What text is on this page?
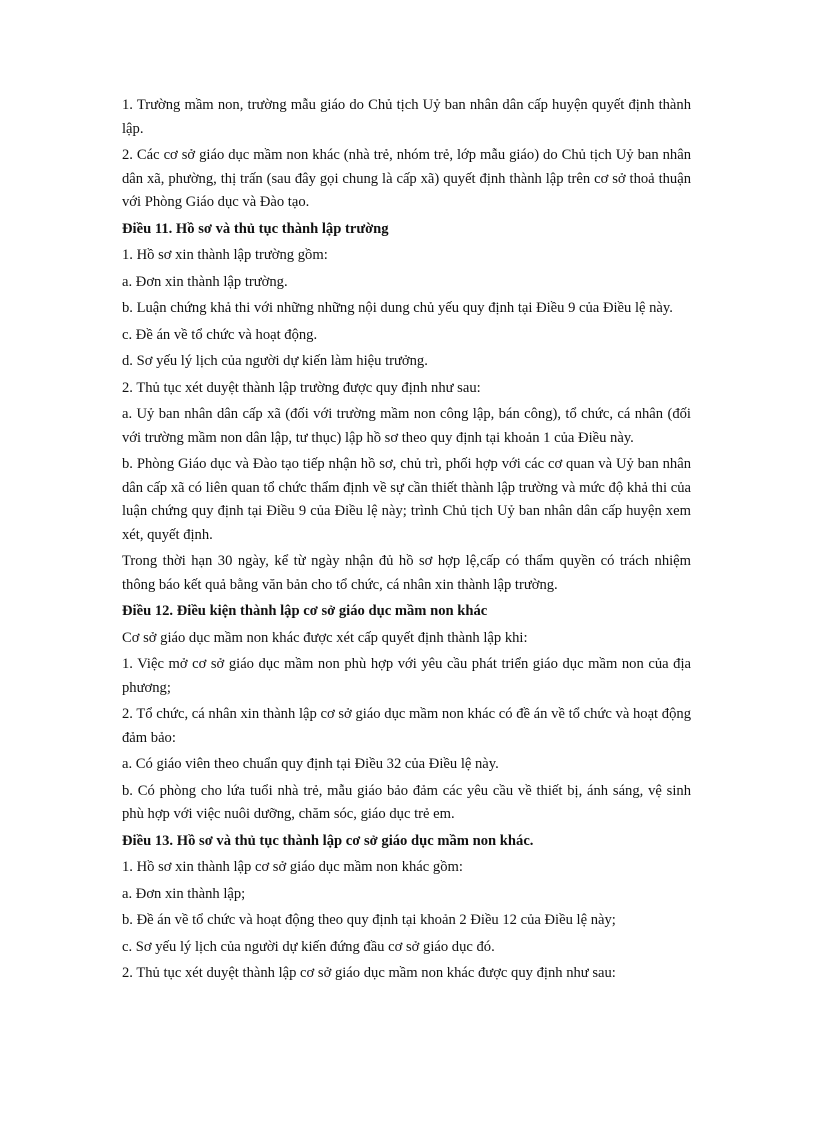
1. Trường mầm non, trường mẫu giáo do Chủ tịch Uỷ ban nhân dân cấp huyện quyết định thành lập.

2. Các cơ sở giáo dục mầm non khác (nhà trẻ, nhóm trẻ, lớp mẫu giáo) do Chủ tịch Uỷ ban nhân dân xã, phường, thị trấn (sau đây gọi chung là cấp xã) quyết định thành lập trên cơ sở thoả thuận với Phòng Giáo dục và Đào tạo.

Điều 11. Hồ sơ và thủ tục thành lập trường

1. Hồ sơ xin thành lập trường gồm:

a. Đơn xin thành lập trường.

b. Luận chứng khả thi với những những nội dung chủ yếu quy định tại Điều 9 của Điều lệ này.

c. Đề án về tổ chức và hoạt động.

d. Sơ yếu lý lịch của người dự kiến làm hiệu trưởng.

2. Thủ tục xét duyệt thành lập trường được quy định như sau:

a. Uỷ ban nhân dân cấp xã (đối với trường mầm non công lập, bán công), tổ chức, cá nhân (đối với trường mầm non dân lập, tư thục) lập hồ sơ theo quy định tại khoản 1 của Điều này.

b. Phòng Giáo dục và Đào tạo tiếp nhận hồ sơ, chủ trì, phối hợp với các cơ quan và Uỷ ban nhân dân cấp xã có liên quan tổ chức thẩm định về sự cần thiết thành lập trường và mức độ khả thi của luận chứng quy định tại Điều 9 của Điều lệ này; trình Chủ tịch Uỷ ban nhân dân cấp huyện xem xét, quyết định.

Trong thời hạn 30 ngày, kể từ ngày nhận đủ hồ sơ hợp lệ,cấp có thẩm quyền có trách nhiệm thông báo kết quả bằng văn bản cho tổ chức, cá nhân xin thành lập trường.

Điều 12. Điều kiện thành lập cơ sở giáo dục mầm non khác

Cơ sở giáo dục mầm non khác được xét cấp quyết định thành lập khi:

1. Việc mở cơ sở giáo dục mầm non phù hợp với yêu cầu phát triển giáo dục mầm non của địa phương;

2. Tổ chức, cá nhân xin thành lập cơ sở giáo dục mầm non khác có đề án về tổ chức và hoạt động đảm bảo:

a. Có giáo viên theo chuẩn quy định tại Điều 32 của Điều lệ này.

b. Có phòng cho lứa tuổi nhà trẻ, mẫu giáo bảo đảm các yêu cầu về thiết bị, ánh sáng, vệ sinh phù hợp với việc nuôi dưỡng, chăm sóc, giáo dục trẻ em.

Điều 13. Hồ sơ và thủ tục thành lập cơ sở giáo dục mầm non khác.

1. Hồ sơ xin thành lập cơ sở giáo dục mầm non khác gồm:

a. Đơn xin thành lập;

b. Đề án về tổ chức và hoạt động theo quy định tại khoản 2 Điều 12 của Điều lệ này;

c. Sơ yếu lý lịch của người dự kiến đứng đầu cơ sở giáo dục đó.

2. Thủ tục xét duyệt thành lập cơ sở giáo dục mầm non khác được quy định như sau:
